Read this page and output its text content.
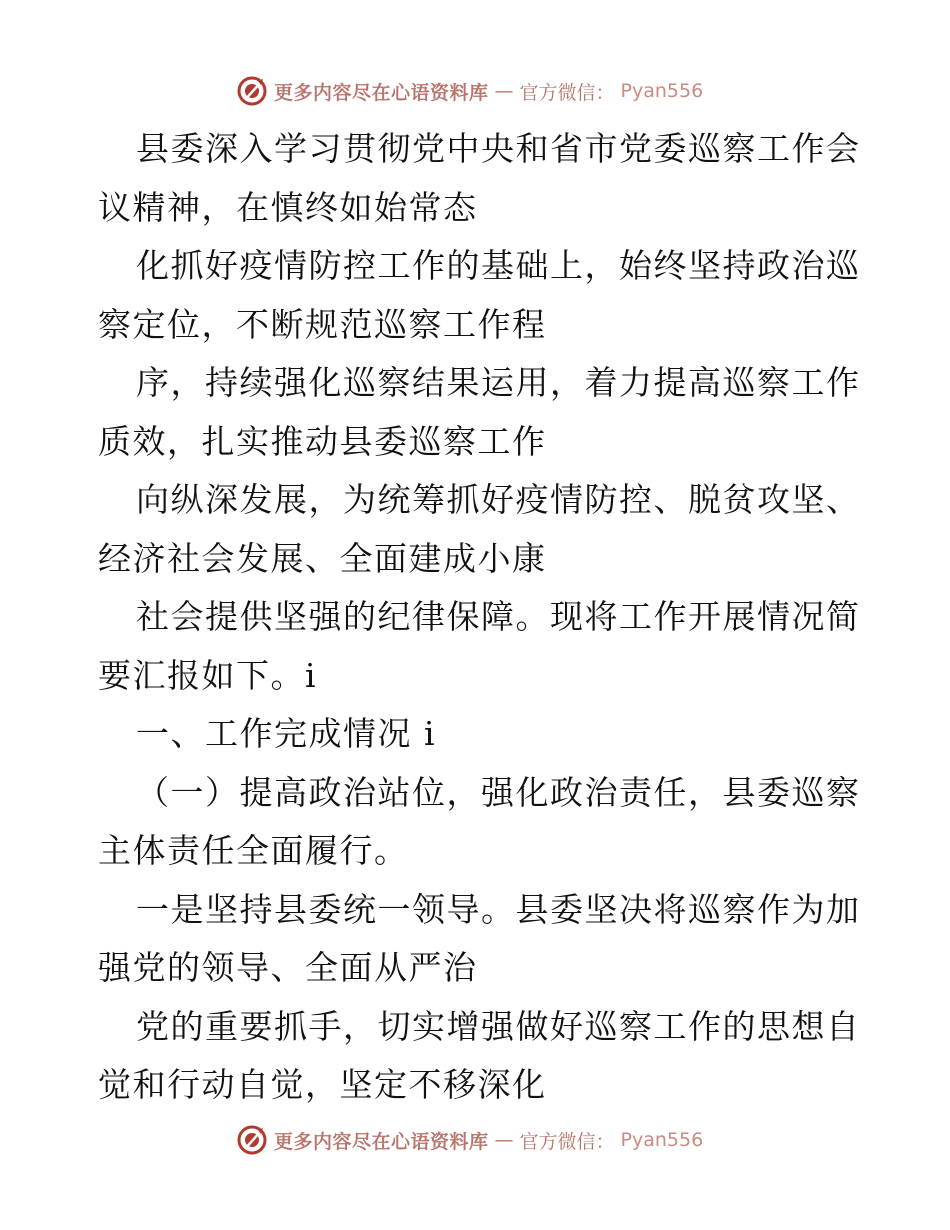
更多内容尽在心语资料库 — 官方微信： Pyan556
县委深入学习贯彻党中央和省市党委巡察工作会
议精神，在慎终如始常态
化抓好疫情防控工作的基础上，始终坚持政治巡
察定位，不断规范巡察工作程
序，持续强化巡察结果运用，着力提高巡察工作
质效，扎实推动县委巡察工作
向纵深发展，为统筹抓好疫情防控、脱贫攻坚、
经济社会发展、全面建成小康
社会提供坚强的纪律保障。现将工作开展情况简
要汇报如下。i
一、工作完成情况 i
（一）提高政治站位，强化政治责任，县委巡察
主体责任全面履行。
一是坚持县委统一领导。县委坚决将巡察作为加
强党的领导、全面从严治
党的重要抓手，切实增强做好巡察工作的思想自
觉和行动自觉，坚定不移深化
更多内容尽在心语资料库 — 官方微信： Pyan556
